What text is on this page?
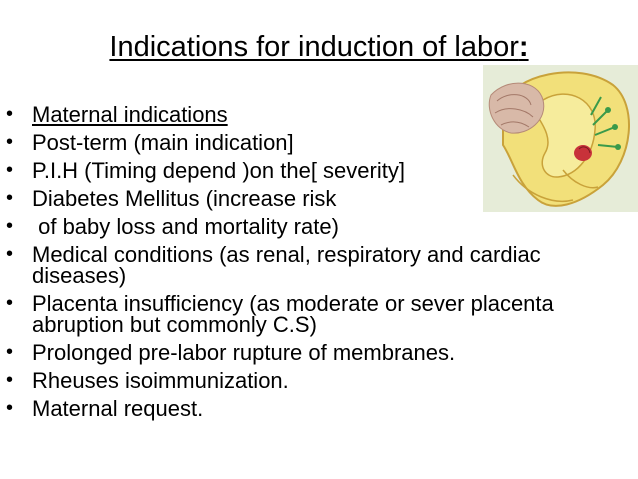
Indications for induction of labor:
• Maternal indications
• Post-term (main indication]
• P.I.H (Timing depend )on the[ severity]
• Diabetes Mellitus (increase risk
• of baby loss and mortality rate)
• Medical conditions (as renal, respiratory and cardiac diseases)
• Placenta insufficiency (as moderate or sever placenta abruption but commonly C.S)
• Prolonged pre-labor rupture of membranes.
• Rheuses isoimmunization.
• Maternal request.
